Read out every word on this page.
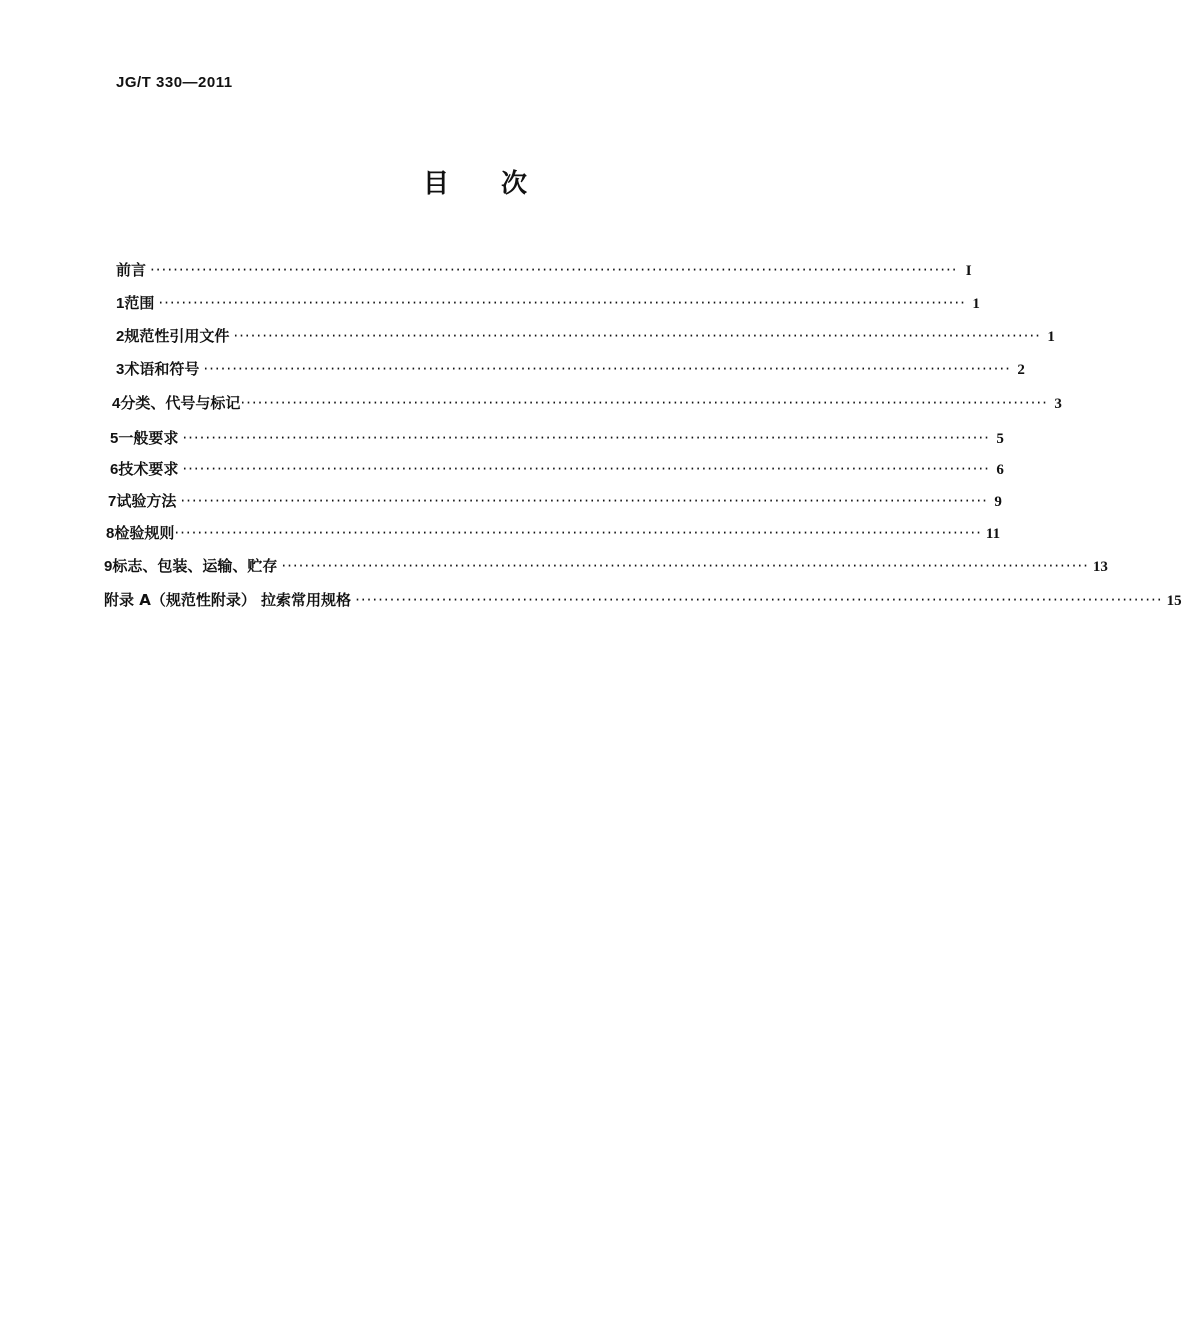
JG/T 330—2011
目次
前言 ············································································································································ I
1 范围 ············································································································································ 1
2 规范性引用文件 ············································································································································ 1
3 术语和符号 ············································································································································ 2
4 分类、代号与标记 ············································································································································ 3
5 一般要求 ············································································································································ 5
6 技术要求 ············································································································································ 6
7 试验方法 ············································································································································ 9
8 检验规则 ············································································································································ 11
9 标志、包装、运输、贮存 ············································································································································ 13
附录 A（规范性附录） 拉索常用规格 ············································································································································ 15
